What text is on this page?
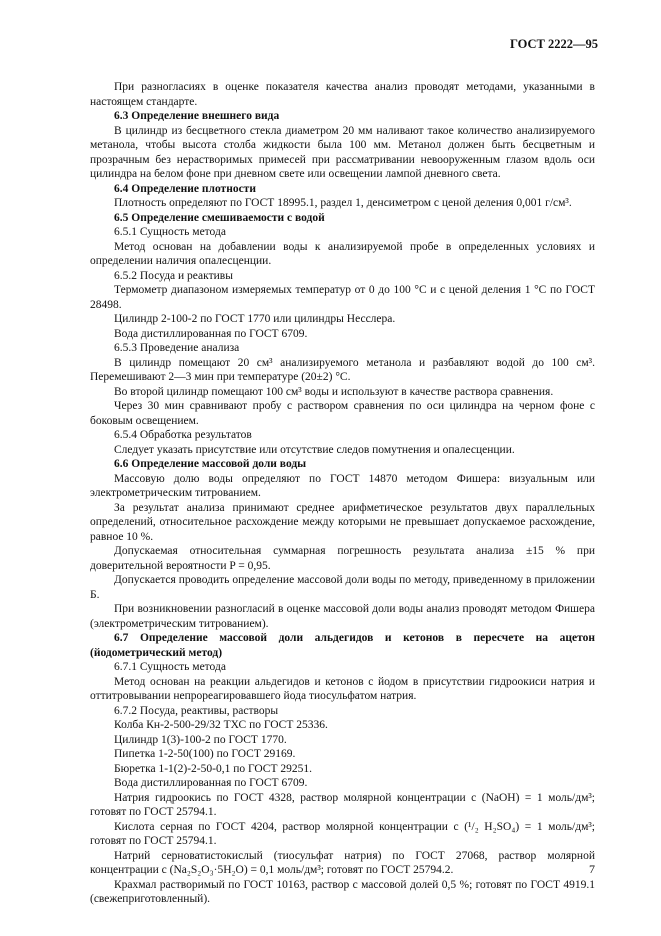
ГОСТ 2222—95

При разногласиях в оценке показателя качества анализ проводят методами, указанными в настоящем стандарте.

6.3 Определение внешнего вида

В цилиндр из бесцветного стекла диаметром 20 мм наливают такое количество анализируемого метанола, чтобы высота столба жидкости была 100 мм. Метанол должен быть бесцветным и прозрачным без нерастворимых примесей при рассматривании невооруженным глазом вдоль оси цилиндра на белом фоне при дневном свете или освещении лампой дневного света.

6.4 Определение плотности

Плотность определяют по ГОСТ 18995.1, раздел 1, денсиметром с ценой деления 0,001 г/см³.

6.5 Определение смешиваемости с водой

6.5.1 Сущность метода

Метод основан на добавлении воды к анализируемой пробе в определенных условиях и определении наличия опалесценции.

6.5.2 Посуда и реактивы

Термометр диапазоном измеряемых температур от 0 до 100 °С и с ценой деления 1 °С по ГОСТ 28498.

Цилиндр 2-100-2 по ГОСТ 1770 или цилиндры Несслера.

Вода дистиллированная по ГОСТ 6709.

6.5.3 Проведение анализа

В цилиндр помещают 20 см³ анализируемого метанола и разбавляют водой до 100 см³. Перемешивают 2—3 мин при температуре (20±2) °С.

Во второй цилиндр помещают 100 см³ воды и используют в качестве раствора сравнения.

Через 30 мин сравнивают пробу с раствором сравнения по оси цилиндра на черном фоне с боковым освещением.

6.5.4 Обработка результатов

Следует указать присутствие или отсутствие следов помутнения и опалесценции.

6.6 Определение массовой доли воды

Массовую долю воды определяют по ГОСТ 14870 методом Фишера: визуальным или электрометрическим титрованием.

За результат анализа принимают среднее арифметическое результатов двух параллельных определений, относительное расхождение между которыми не превышает допускаемое расхождение, равное 10 %.

Допускаемая относительная суммарная погрешность результата анализа ±15 % при доверительной вероятности P = 0,95.

Допускается проводить определение массовой доли воды по методу, приведенному в приложении Б.

При возникновении разногласий в оценке массовой доли воды анализ проводят методом Фишера (электрометрическим титрованием).

6.7 Определение массовой доли альдегидов и кетонов в пересчете на ацетон (йодометрический метод)

6.7.1 Сущность метода

Метод основан на реакции альдегидов и кетонов с йодом в присутствии гидроокиси натрия и оттитровывании непрореагировавшего йода тиосульфатом натрия.

6.7.2 Посуда, реактивы, растворы

Колба Кн-2-500-29/32 ТХС по ГОСТ 25336.

Цилиндр 1(3)-100-2 по ГОСТ 1770.

Пипетка 1-2-50(100) по ГОСТ 29169.

Бюретка 1-1(2)-2-50-0,1 по ГОСТ 29251.

Вода дистиллированная по ГОСТ 6709.

Натрия гидроокись по ГОСТ 4328, раствор молярной концентрации c (NaOH) = 1 моль/дм³; готовят по ГОСТ 25794.1.

Кислота серная по ГОСТ 4204, раствор молярной концентрации c (¹/₂ H₂SO₄) = 1 моль/дм³; готовят по ГОСТ 25794.1.

Натрий серноватистокислый (тиосульфат натрия) по ГОСТ 27068, раствор молярной концентрации c (Na₂S₂O₃·5H₂O) = 0,1 моль/дм³; готовят по ГОСТ 25794.2.

Крахмал растворимый по ГОСТ 10163, раствор с массовой долей 0,5 %; готовят по ГОСТ 4919.1 (свежеприготовленный).

7
